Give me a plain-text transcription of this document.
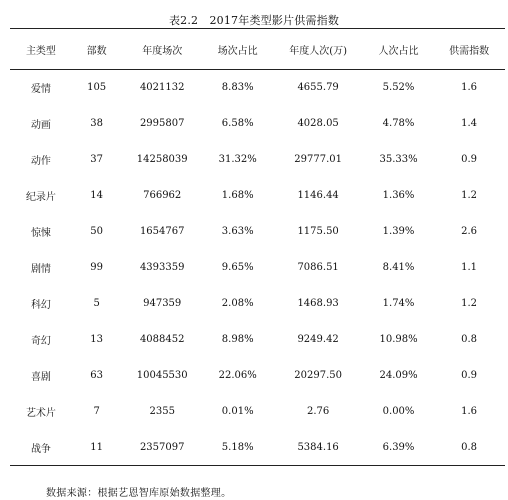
表2.2　2017年类型影片供需指数
主类型	部数	年度场次	场次占比	年度人次(万)	人次占比	供需指数
爱情	105	4021132	8.83%	4655.79	5.52%	1.6
动画	38	2995807	6.58%	4028.05	4.78%	1.4
动作	37	14258039	31.32%	29777.01	35.33%	0.9
纪录片	14	766962	1.68%	1146.44	1.36%	1.2
惊悚	50	1654767	3.63%	1175.50	1.39%	2.6
剧情	99	4393359	9.65%	7086.51	8.41%	1.1
科幻	5	947359	2.08%	1468.93	1.74%	1.2
奇幻	13	4088452	8.98%	9249.42	10.98%	0.8
喜剧	63	10045530	22.06%	20297.50	24.09%	0.9
艺术片	7	2355	0.01%	2.76	0.00%	1.6
战争	11	2357097	5.18%	5384.16	6.39%	0.8
数据来源：根据艺恩智库原始数据整理。
